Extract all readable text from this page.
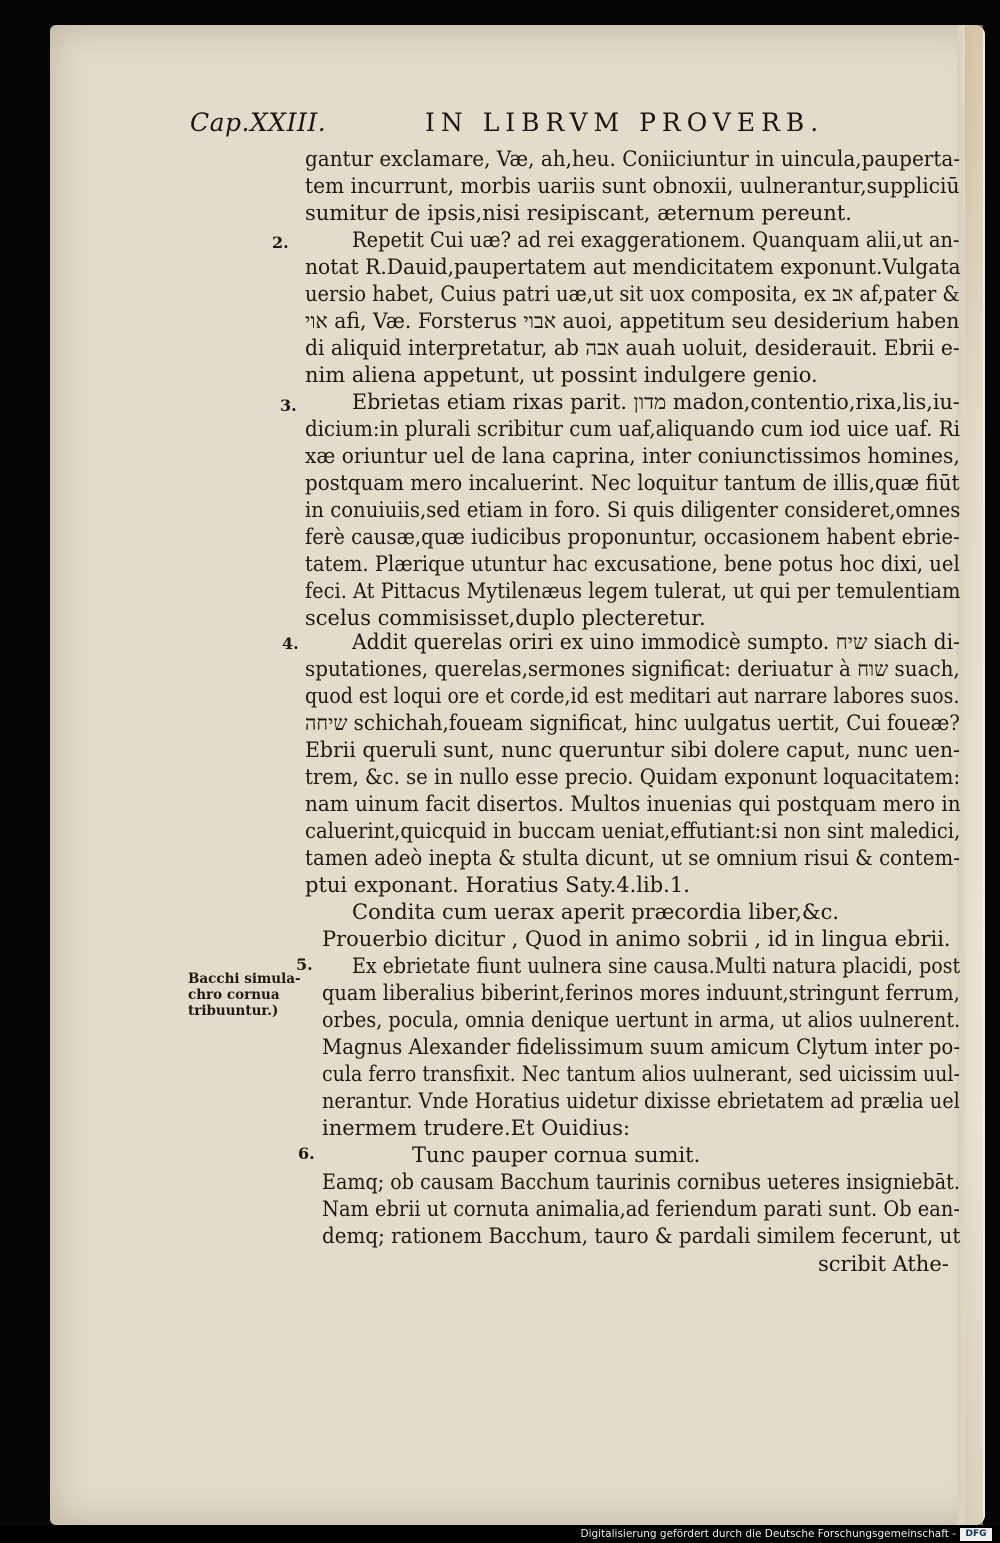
Cap.XXIII.	IN LIBRVM PROVERB.
2.
3.
4.
5.
6.
Bacchi simula- chro cornua tribuuntur.)
gantur exclamare, Væ, ah,heu. Coniiciuntur in uincula,pauperta-
tem incurrunt, morbis uariis sunt obnoxii, uulnerantur,suppliciū
sumitur de ipsis,nisi resipiscant, æternum pereunt.
Repetit Cui uæ? ad rei exaggerationem. Quanquam alii,ut an-
notat R.Dauid,paupertatem aut mendicitatem exponunt.Vulgata
uersio habet, Cuius patri uæ,ut sit uox composita, ex אב af,pater &
אוי afi, Væ. Forsterus אבוי auoi, appetitum seu desiderium haben
di aliquid interpretatur, ab אבה auah uoluit, desiderauit. Ebrii e-
nim aliena appetunt, ut possint indulgere genio.
Ebrietas etiam rixas parit. מדון madon,contentio,rixa,lis,iu-
dicium:in plurali scribitur cum uaf,aliquando cum iod uice uaf. Ri
xæ oriuntur uel de lana caprina, inter coniunctissimos homines,
postquam mero incaluerint. Nec loquitur tantum de illis,quæ fiūt
in conuiuiis,sed etiam in foro. Si quis diligenter consideret,omnes
ferè causæ,quæ iudicibus proponuntur, occasionem habent ebrie-
tatem. Plærique utuntur hac excusatione, bene potus hoc dixi, uel
feci. At Pittacus Mytilenæus legem tulerat, ut qui per temulentiam
scelus commisisset,duplo plecteretur.
Addit querelas oriri ex uino immodicè sumpto. שיח siach di-
sputationes, querelas,sermones significat: deriuatur à שוח suach,
quod est loqui ore et corde,id est meditari aut narrare labores suos.
שיחה schichah,foueam significat, hinc uulgatus uertit, Cui foueæ?
Ebrii queruli sunt, nunc queruntur sibi dolere caput, nunc uen-
trem, &c. se in nullo esse precio. Quidam exponunt loquacitatem:
nam uinum facit disertos. Multos inuenias qui postquam mero in
caluerint,quicquid in buccam ueniat,effutiant:si non sint maledici,
tamen adeò inepta & stulta dicunt, ut se omnium risui & contem-
ptui exponant. Horatius Saty.4.lib.1.
Condita cum uerax aperit præcordia liber,&c.
Prouerbio dicitur , Quod in animo sobrii , id in lingua ebrii.
Ex ebrietate fiunt uulnera sine causa.Multi natura placidi, post
quam liberalius biberint,ferinos mores induunt,stringunt ferrum,
orbes, pocula, omnia denique uertunt in arma, ut alios uulnerent.
Magnus Alexander fidelissimum suum amicum Clytum inter po-
cula ferro transfixit. Nec tantum alios uulnerant, sed uicissim uul-
nerantur. Vnde Horatius uidetur dixisse ebrietatem ad prælia uel
inermem trudere.Et Ouidius:
Tunc pauper cornua sumit.
Eamq; ob causam Bacchum taurinis cornibus ueteres insigniebāt.
Nam ebrii ut cornuta animalia,ad feriendum parati sunt. Ob ean-
demq; rationem Bacchum, tauro & pardali similem fecerunt, ut
scribit Athe-
Digitalisierung gefördert durch die Deutsche Forschungsgemeinschaft -	DFG
